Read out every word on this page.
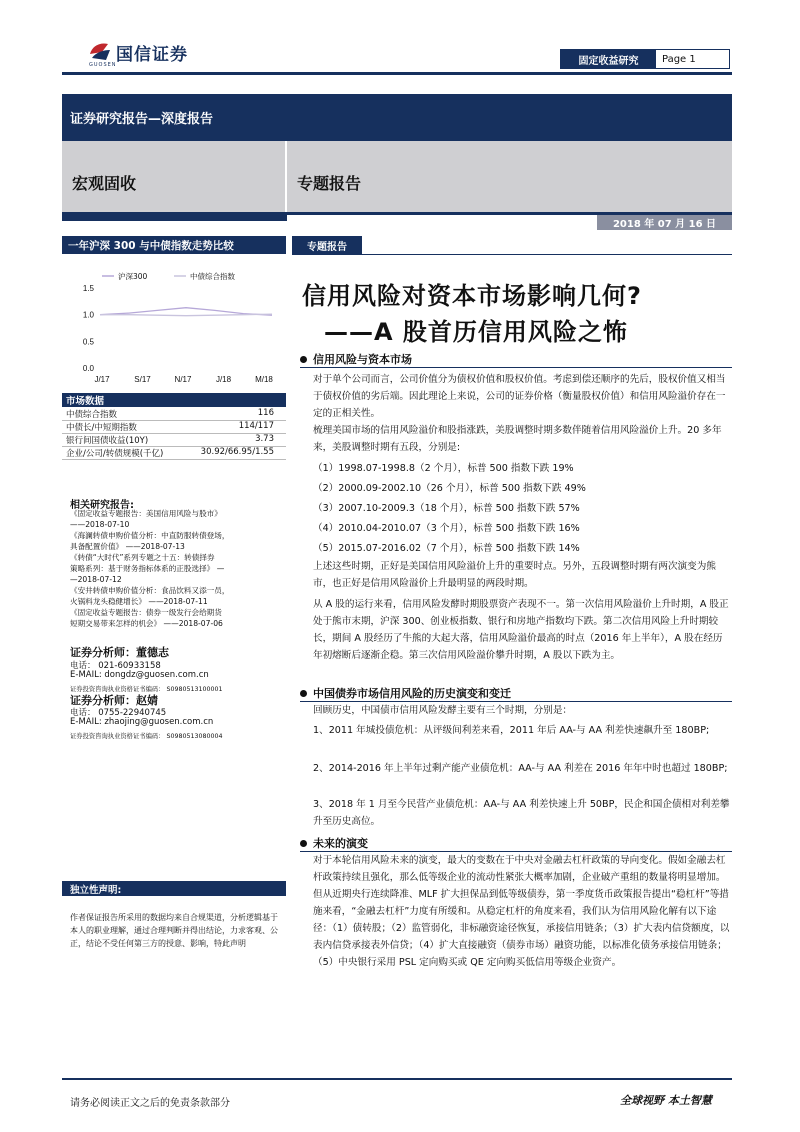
国信证券
GUOSEN	固定收益研究	Page 1
证券研究报告—深度报告
宏观固收	专题报告
2018 年 07 月 16 日
一年沪深 300 与中债指数走势比较
1.5
1.0
0.5
0.0
J/17	S/17	N/17	J/18	M/18
沪深300	中债综合指数
专题报告
信用风险对资本市场影响几何?
——A 股首历信用风险之怖
市场数据
中债综合指数	116
中债长/中短期指数	114/117
银行间国债收益(10Y)	3.73
企业/公司/转债规模(千亿)	30.92/66.95/1.55
相关研究报告:
《固定收益专题报告：美国信用风险与股市》
——2018-07-10
《海澜转债申购价值分析：中直防服转债登场，
具备配置价值》 ——2018-07-13
《转债“大时代”系列专题之十五：转债择券
策略系列：基于财务指标体系的正股选择》 —
—2018-07-12
《安井转债申购价值分析：食品饮料又添一员，
火锅料龙头稳健增长》 ——2018-07-11
《固定收益专题报告：债券一级发行会给期货
短期交易带来怎样的机会》 ——2018-07-06
证券分析师：董德志
电话： 021-60933158
E-MAIL: dongdz@guosen.com.cn
证券投资咨询执业资格证书编码： S0980513100001
证券分析师：赵婧
电话： 0755-22940745
E-MAIL: zhaojing@guosen.com.cn
证券投资咨询执业资格证书编码： S0980513080004
独立性声明:
作者保证报告所采用的数据均来自合规渠道，分析逻辑基于本人的职业理解，通过合理判断并得出结论，力求客观、公正，结论不受任何第三方的授意、影响，特此声明
信用风险与资本市场
对于单个公司而言，公司价值分为债权价值和股权价值。考虑到偿还顺序的先后，股权价值又相当于债权价值的劣后端。因此理论上来说，公司的证券价格（衡量股权价值）和信用风险溢价存在一定的正相关性。
梳理美国市场的信用风险溢价和股指涨跌，美股调整时期多数伴随着信用风险溢价上升。20 多年来，美股调整时期有五段，分别是:
（1）1998.07-1998.8（2 个月），标普 500 指数下跌 19%
（2）2000.09-2002.10（26 个月），标普 500 指数下跌 49%
（3）2007.10-2009.3（18 个月），标普 500 指数下跌 57%
（4）2010.04-2010.07（3 个月），标普 500 指数下跌 16%
（5）2015.07-2016.02（7 个月），标普 500 指数下跌 14%
上述这些时期，正好是美国信用风险溢价上升的重要时点。另外，五段调整时期有两次演变为熊市，也正好是信用风险溢价上升最明显的两段时期。
从 A 股的运行来看，信用风险发酵时期股票资产表现不一。第一次信用风险溢价上升时期，A 股正处于熊市末期，沪深 300、创业板指数、银行和房地产指数均下跌。第二次信用风险上升时期较长，期间 A 股经历了牛熊的大起大落，信用风险溢价最高的时点（2016 年上半年），A 股在经历年初熔断后逐渐企稳。第三次信用风险溢价攀升时期，A 股以下跌为主。
中国债券市场信用风险的历史演变和变迁
回顾历史，中国债市信用风险发酵主要有三个时期，分别是：
1、2011 年城投债危机：从评级间利差来看，2011 年后 AA-与 AA 利差快速飙升至 180BP;
2、2014-2016 年上半年过剩产能产业债危机：AA-与 AA 利差在 2016 年年中时也超过 180BP;
3、2018 年 1 月至今民营产业债危机：AA-与 AA 利差快速上升 50BP，民企和国企债相对利差攀升至历史高位。
未来的演变
对于本轮信用风险未来的演变，最大的变数在于中央对金融去杠杆政策的导向变化。假如金融去杠杆政策持续且强化，那么低等级企业的流动性紧张大概率加剧，企业破产重组的数量将明显增加。但从近期央行连续降准、MLF 扩大担保品到低等级债券，第一季度货币政策报告提出“稳杠杆”等措施来看，“金融去杠杆”力度有所缓和。从稳定杠杆的角度来看，我们认为信用风险化解有以下途径：（1）债转股；（2）监管弱化，非标融资途径恢复，承接信用链条；（3）扩大表内信贷额度，以表内信贷承接表外信贷；（4）扩大直接融资（债券市场）融资功能，以标准化债务承接信用链条；（5）中央银行采用 PSL 定向购买或 QE 定向购买低信用等级企业资产。
请务必阅读正文之后的免责条款部分	全球视野 本土智慧
